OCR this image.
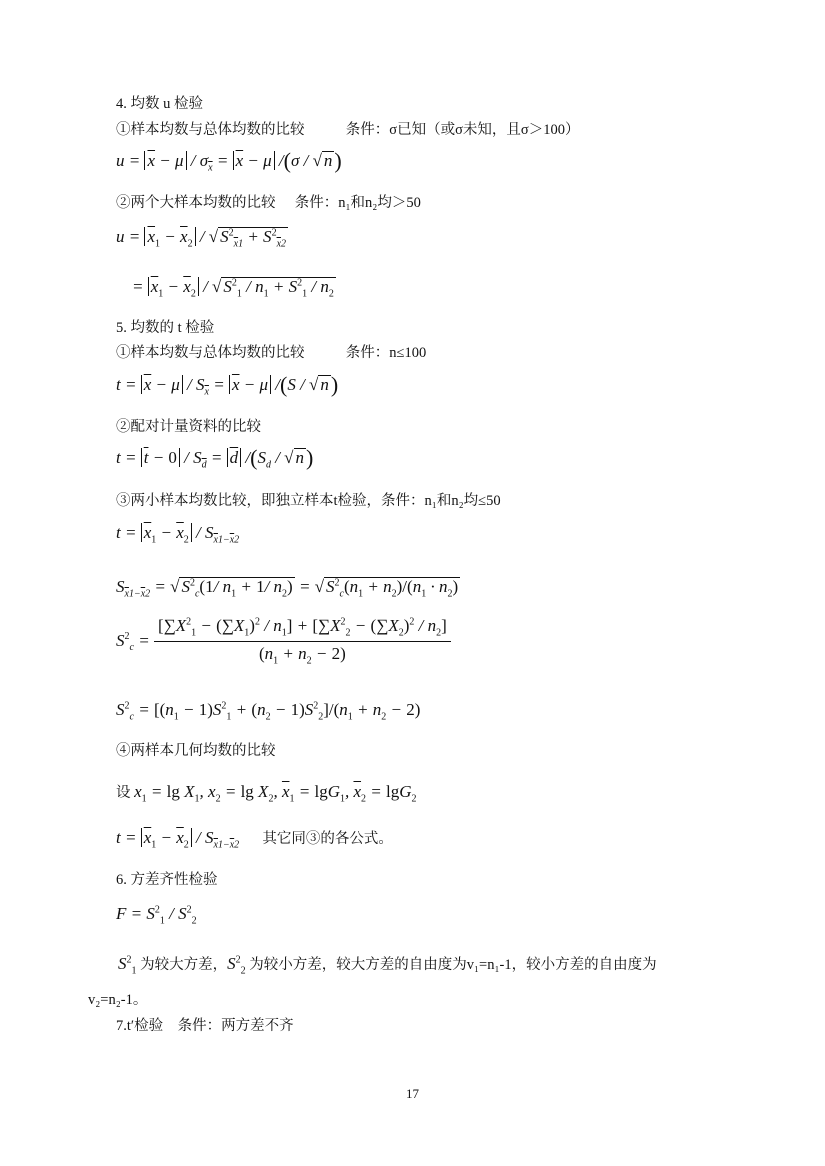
4. 均数 u 检验
①样本均数与总体均数的比较	条件：σ已知（或σ未知，且σ＞100）
$u = \overline{x} - \mu / \sigma_{\overline{x}} = \overline{x} - \mu$ /(σ / √ n)
②两个大样本均数的比较 条件：n₁和n₂均＞50
$u = \overline{x}_1 - \overline{x}_2$ / √ $S^2_{\overline{x}1} + S^2_{\overline{x}2}$
= $\overline{x}_1 - \overline{x}_2$ / √ $S^2_1 / n_1 + S^2_1 / n_2$
5. 均数的 t 检验
①样本均数与总体均数的比较	条件：n≤100
$t = \overline{x} - \mu / S_{\overline{x}} = \overline{x} - \mu$ /(S / √ n)
②配对计量资料的比较
$t = \overline{t} - 0 / S_{\overline{d}} = \overline{d}$ $/(S_d$ / √ n)
③两小样本均数比较，即独立样本t检验，条件：n₁和n₂均≤50
$t = \overline{x}_1 - \overline{x}_2 / S_{\overline{x}1-\overline{x}2}$
$S_{\overline{x}1-\overline{x}2}$ = √ $S^2_c(1/$ $n_1 + 1/$ $n_2$) = √ $S^2_c(n_1 + n_2)/(n_1 \cdot n_2)$
$S^2_c = \frac{[\sum X^2_1 - (\sum X_1)^2 / n_1] + [\sum X^2_2 - (\sum X_2)^2 / n_2]}{(n_1 + n_2 - 2)}$
$S^2_c = [(n_1 - 1)S^2_1 + (n_2 - 1)S^2_2]/(n_1 + n_2 - 2)$
④两样本几何均数的比较
设 $x_1 = \lg X_1$, $x_2 = \lg X_2$, $\overline{x}_1 = \lg G_1$, $\overline{x}_2 = \lg G_2$
$t = \overline{x}_1 - \overline{x}_2 / S_{\overline{x}1-\overline{x}2}$ 其它同③的各公式。
6. 方差齐性检验
$F = S^2_1 / S^2_2$
$S^2_1$ 为较大方差，$S^2_2$ 为较小方差，较大方差的自由度为v₁=n₁-1，较小方差的自由度为
v₂=n₂-1。
7.t′检验　条件：两方差不齐
17
